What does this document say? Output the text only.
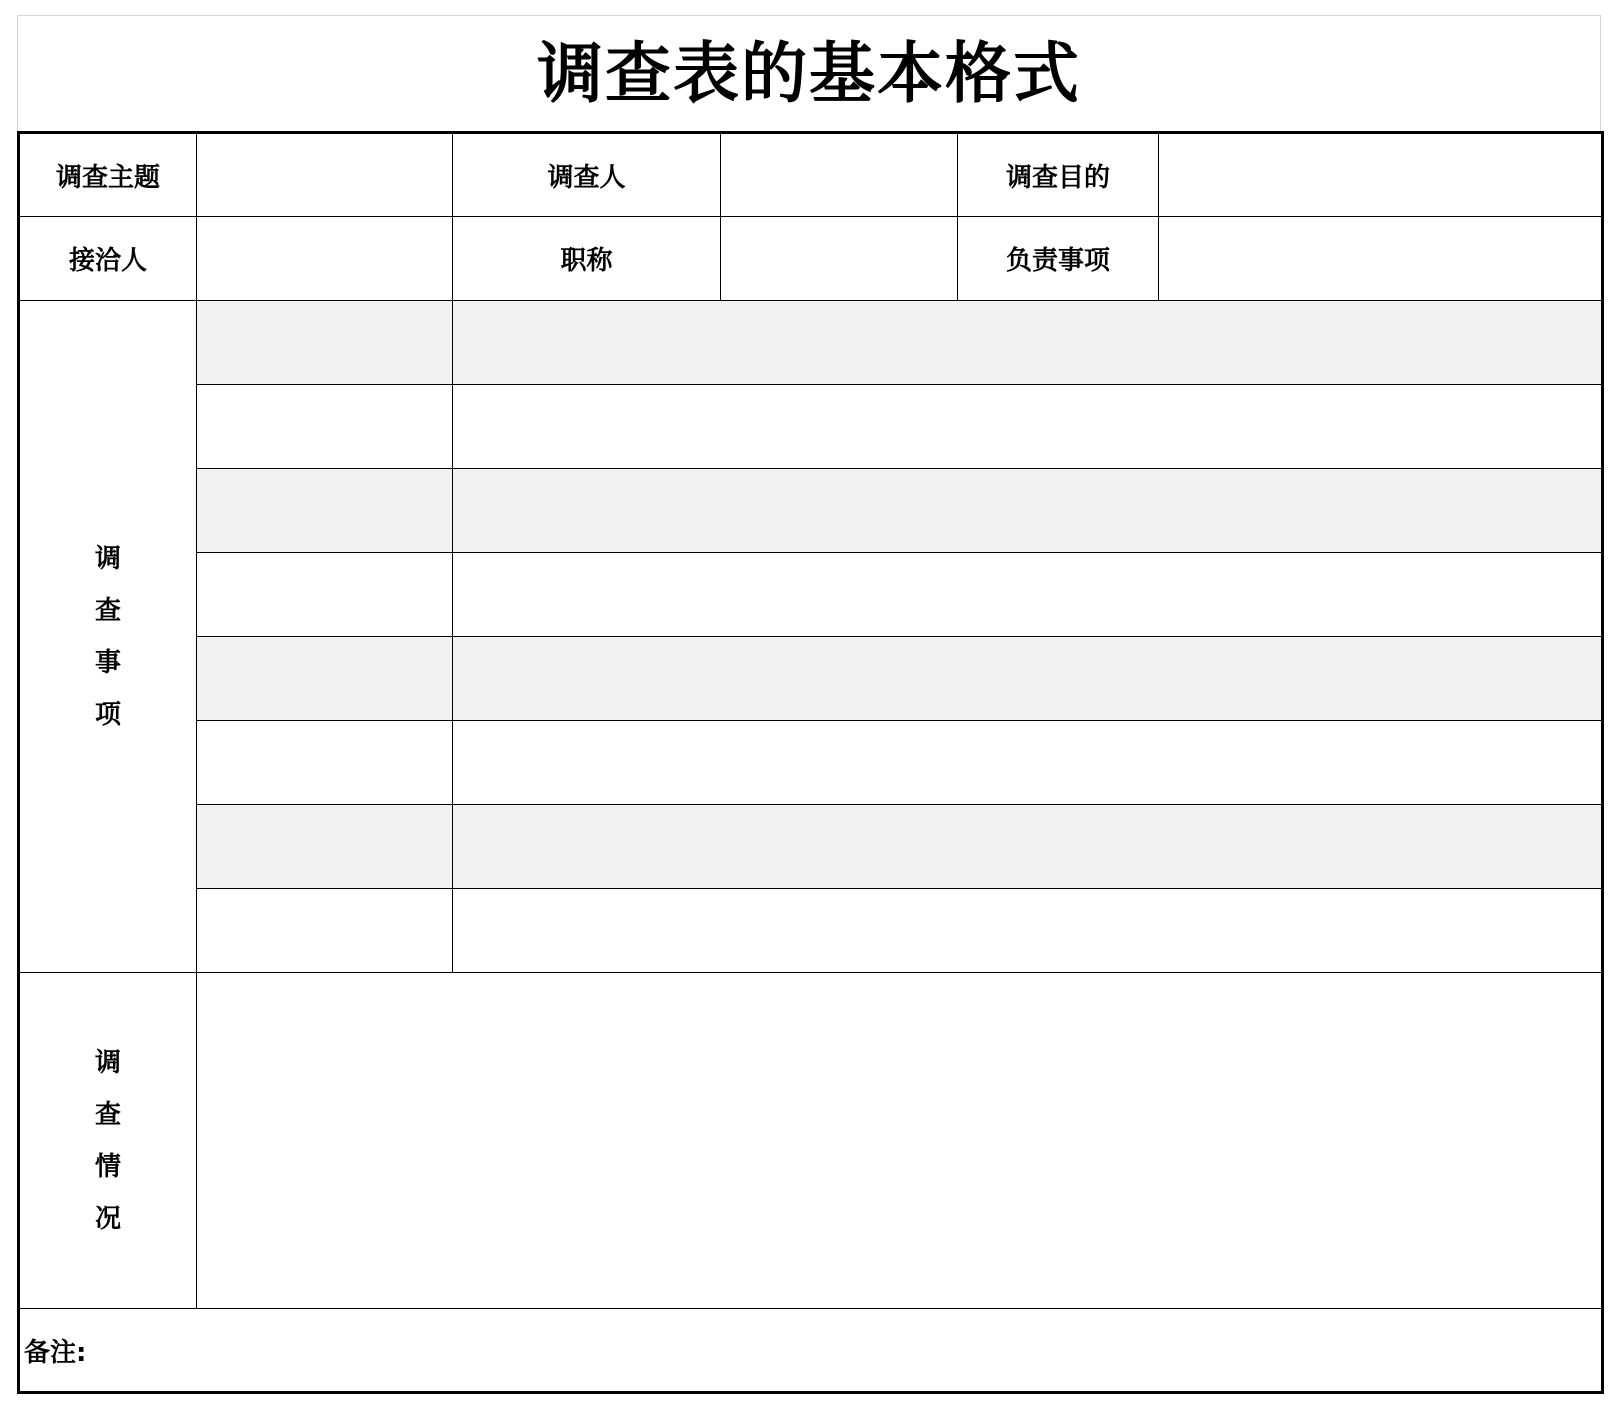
调查表的基本格式
调查主题		调查人		调查目的	
接洽人		职称		负责事项	
调查事项					

调查情况					
备注:					
